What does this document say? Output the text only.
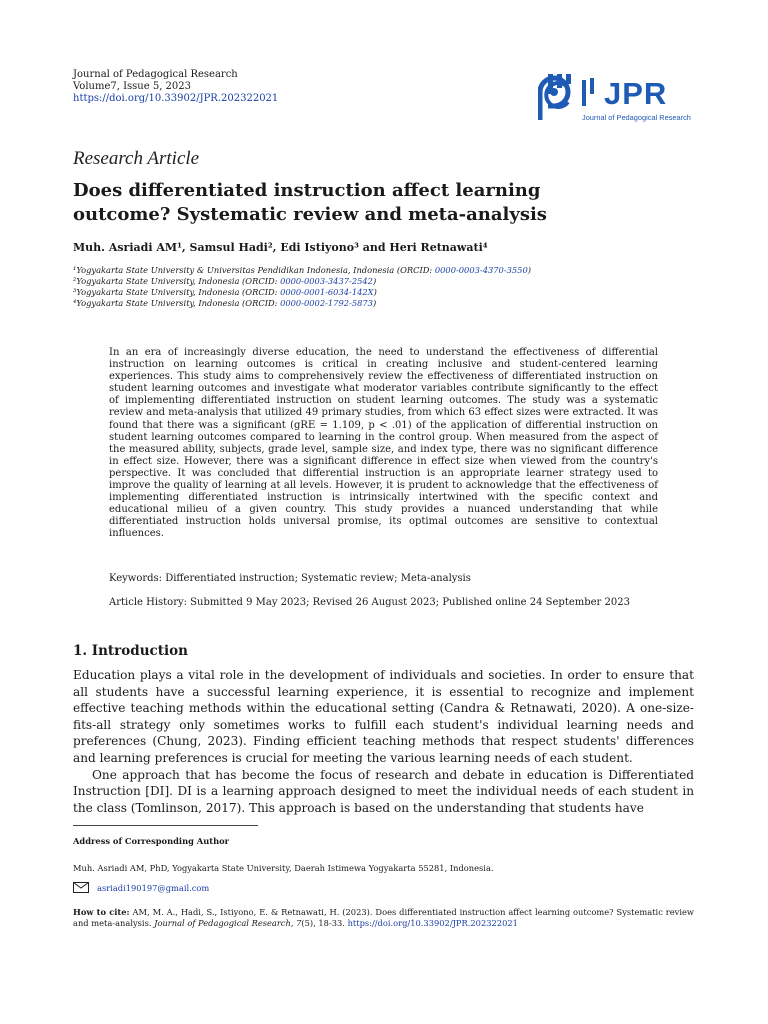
Journal of Pedagogical Research
Volume7, Issue 5, 2023
https://doi.org/10.33902/JPR.202322021	JPR
Journal of Pedagogical Research
Research Article
Does differentiated instruction affect learning outcome? Systematic review and meta-analysis
Muh. Asriadi AM¹, Samsul Hadi², Edi Istiyono³ and Heri Retnawati⁴
¹Yogyakarta State University & Universitas Pendidikan Indonesia, Indonesia (ORCID: 0000-0003-4370-3550)
²Yogyakarta State University, Indonesia (ORCID: 0000-0003-3437-2542)
³Yogyakarta State University, Indonesia (ORCID: 0000-0001-6034-142X)
⁴Yogyakarta State University, Indonesia (ORCID: 0000-0002-1792-5873)
In an era of increasingly diverse education, the need to understand the effectiveness of differential instruction on learning outcomes is critical in creating inclusive and student-centered learning experiences. This study aims to comprehensively review the effectiveness of differentiated instruction on student learning outcomes and investigate what moderator variables contribute significantly to the effect of implementing differentiated instruction on student learning outcomes. The study was a systematic review and meta-analysis that utilized 49 primary studies, from which 63 effect sizes were extracted. It was found that there was a significant (gRE = 1.109, p < .01) of the application of differential instruction on student learning outcomes compared to learning in the control group. When measured from the aspect of the measured ability, subjects, grade level, sample size, and index type, there was no significant difference in effect size. However, there was a significant difference in effect size when viewed from the country's perspective. It was concluded that differential instruction is an appropriate learner strategy used to improve the quality of learning at all levels. However, it is prudent to acknowledge that the effectiveness of implementing differentiated instruction is intrinsically intertwined with the specific context and educational milieu of a given country. This study provides a nuanced understanding that while differentiated instruction holds universal promise, its optimal outcomes are sensitive to contextual influences.
Keywords: Differentiated instruction; Systematic review; Meta-analysis
Article History: Submitted 9 May 2023; Revised 26 August 2023; Published online 24 September 2023
1. Introduction

Education plays a vital role in the development of individuals and societies. In order to ensure that all students have a successful learning experience, it is essential to recognize and implement effective teaching methods within the educational setting (Candra & Retnawati, 2020). A one-size-fits-all strategy only sometimes works to fulfill each student's individual learning needs and preferences (Chung, 2023). Finding efficient teaching methods that respect students' differences and learning preferences is crucial for meeting the various learning needs of each student.

One approach that has become the focus of research and debate in education is Differentiated Instruction [DI]. DI is a learning approach designed to meet the individual needs of each student in the class (Tomlinson, 2017). This approach is based on the understanding that students have

Address of Corresponding Author
Muh. Asriadi AM, PhD, Yogyakarta State University, Daerah Istimewa Yogyakarta 55281, Indonesia.
asriadi190197@gmail.com
How to cite: AM, M. A., Hadi, S., Istiyono, E. & Retnawati, H. (2023). Does differentiated instruction affect learning outcome? Systematic review and meta-analysis. Journal of Pedagogical Research, 7(5), 18-33. https://doi.org/10.33902/JPR.202322021
